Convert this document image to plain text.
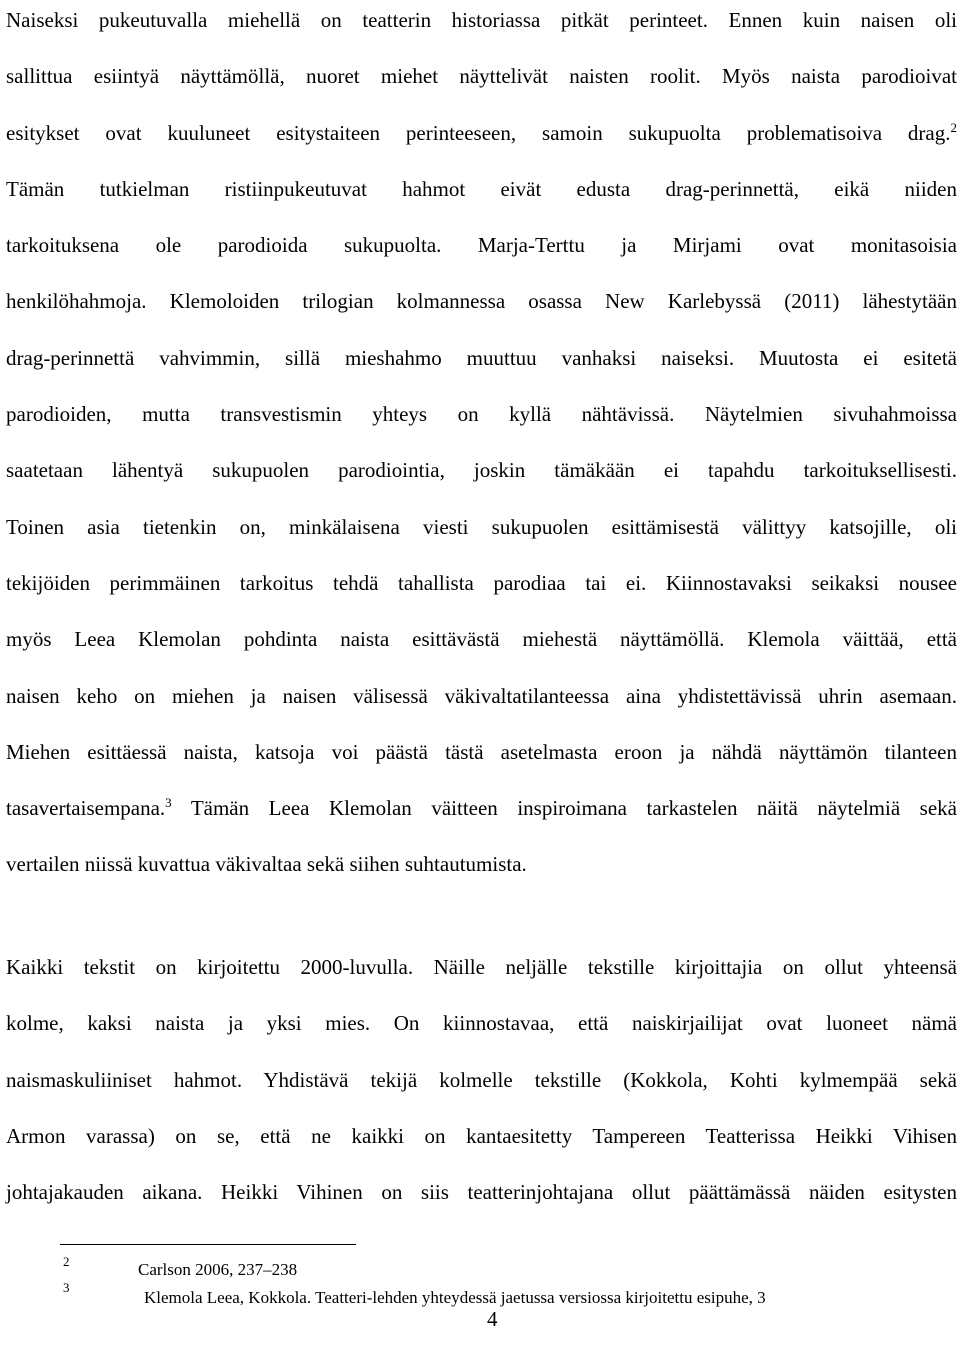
Naiseksi pukeutuvalla miehellä on teatterin historiassa pitkät perinteet. Ennen kuin naisen oli
sallittua esiintyä näyttämöllä, nuoret miehet näyttelivät naisten roolit. Myös naista parodioivat
esitykset ovat kuuluneet esitystaiteen perinteeseen, samoin sukupuolta problematisoiva drag.$^2$
Tämän tutkielman ristiinpukeutuvat hahmot eivät edusta drag-perinnettä, eikä niiden
tarkoituksena ole parodioida sukupuolta. Marja-Terttu ja Mirjami ovat monitasoisia
henkilöhahmoja. Klemoloiden trilogian kolmannessa osassa New Karlebyssä (2011) lähestytään
drag-perinnettä vahvimmin, sillä mieshahmo muuttuu vanhaksi naiseksi. Muutosta ei esitetä
parodioiden, mutta transvestismin yhteys on kyllä nähtävissä. Näytelmien sivuhahmoissa
saatetaan lähentyä sukupuolen parodiointia, joskin tämäkään ei tapahdu tarkoituksellisesti.
Toinen asia tietenkin on, minkälaisena viesti sukupuolen esittämisestä välittyy katsojille, oli
tekijöiden perimmäinen tarkoitus tehdä tahallista parodiaa tai ei. Kiinnostavaksi seikaksi nousee
myös Leea Klemolan pohdinta naista esittävästä miehestä näyttämöllä. Klemola väittää, että
naisen keho on miehen ja naisen välisessä väkivaltatilanteessa aina yhdistettävissä uhrin asemaan.
Miehen esittäessä naista, katsoja voi päästä tästä asetelmasta eroon ja nähdä näyttämön tilanteen
tasavertaisempana.$^3$ Tämän Leea Klemolan väitteen inspiroimana tarkastelen näitä näytelmiä sekä
vertailen niissä kuvattua väkivaltaa sekä siihen suhtautumista.

Kaikki tekstit on kirjoitettu 2000-luvulla. Näille neljälle tekstille kirjoittajia on ollut yhteensä
kolme, kaksi naista ja yksi mies. On kiinnostavaa, että naiskirjailijat ovat luoneet nämä
naismaskuliiniset hahmot. Yhdistävä tekijä kolmelle tekstille (Kokkola, Kohti kylmempää sekä
Armon varassa) on se, että ne kaikki on kantaesitetty Tampereen Teatterissa Heikki Vihisen
johtajakauden aikana. Heikki Vihinen on siis teatterinjohtajana ollut päättämässä näiden esitysten

2	Carlson 2006, 237–238
3
Klemola Leea, Kokkola. Teatteri-lehden yhteydessä jaetussa versiossa kirjoitettu esipuhe, 3
4
